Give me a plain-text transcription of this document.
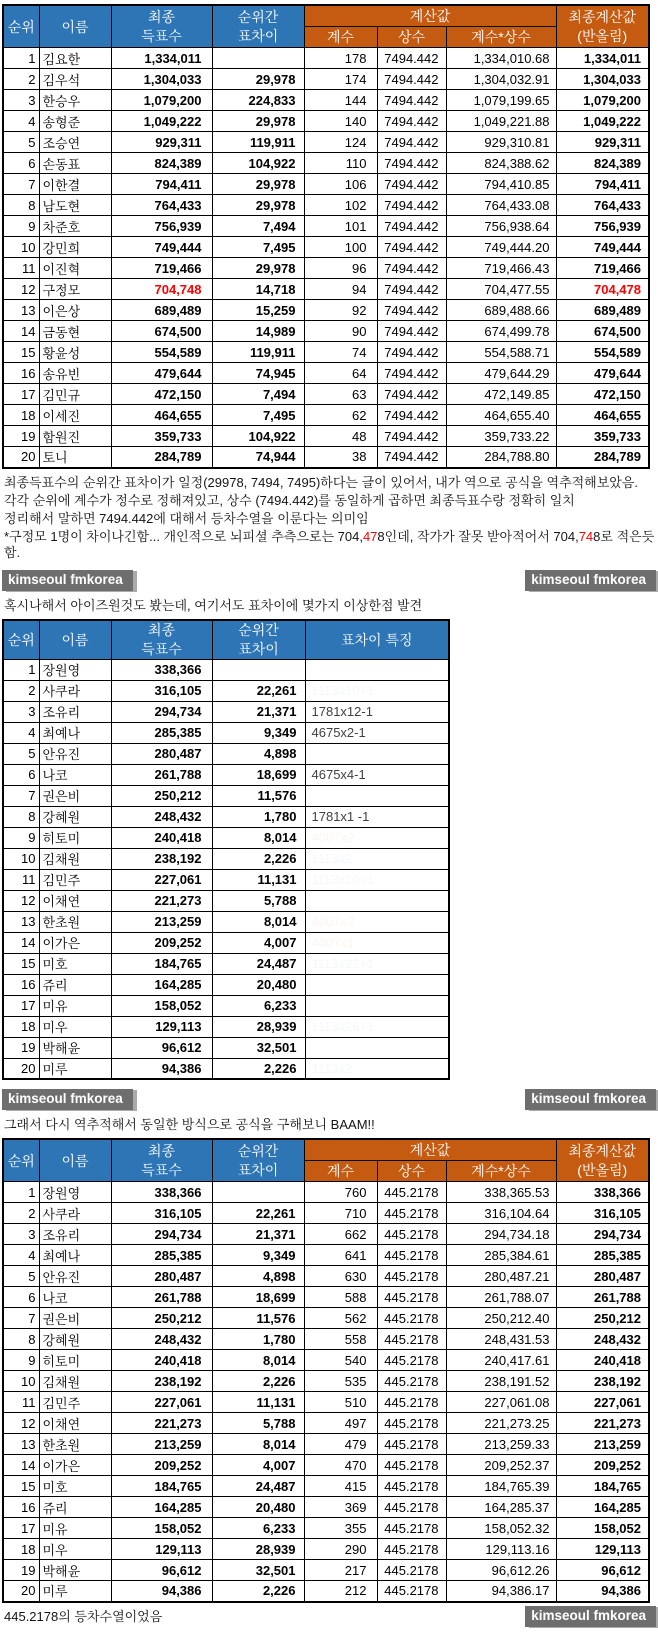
순위	이름	최종
득표수	순위간
표차이	계산값			최종계산값
(반올림)

				계수	상수	계수*상수	
1	김요한	1,334,011		178	7494.442	1,334,010.68	1,334,011
2	김우석	1,304,033	29,978	174	7494.442	1,304,032.91	1,304,033
3	한승우	1,079,200	224,833	144	7494.442	1,079,199.65	1,079,200
4	송형준	1,049,222	29,978	140	7494.442	1,049,221.88	1,049,222
5	조승연	929,311	119,911	124	7494.442	929,310.81	929,311
6	손동표	824,389	104,922	110	7494.442	824,388.62	824,389
7	이한결	794,411	29,978	106	7494.442	794,410.85	794,411
8	남도현	764,433	29,978	102	7494.442	764,433.08	764,433
9	차준호	756,939	7,494	101	7494.442	756,938.64	756,939
10	강민희	749,444	7,495	100	7494.442	749,444.20	749,444
11	이진혁	719,466	29,978	96	7494.442	719,466.43	719,466
12	구정모	704,748	14,718	94	7494.442	704,477.55	704,478
13	이은상	689,489	15,259	92	7494.442	689,488.66	689,489
14	금동현	674,500	14,989	90	7494.442	674,499.78	674,500
15	황윤성	554,589	119,911	74	7494.442	554,588.71	554,589
16	송유빈	479,644	74,945	64	7494.442	479,644.29	479,644
17	김민규	472,150	7,494	63	7494.442	472,149.85	472,150
18	이세진	464,655	7,495	62	7494.442	464,655.40	464,655
19	함원진	359,733	104,922	48	7494.442	359,733.22	359,733
20	토니	284,789	74,944	38	7494.442	284,788.80	284,789

최종득표수의 순위간 표차이가 일정(29978, 7494, 7495)하다는 글이 있어서, 내가 역으로 공식을 역추적해보았음.

각각 순위에 계수가 정수로 정해져있고, 상수 (7494.442)를 동일하게 곱하면 최종득표수랑 정확히 일치

정리해서 말하면 7494.442에 대해서 등차수열을 이룬다는 의미임

*구정모 1명이 차이나긴함... 개인적으로 뇌피셜 추측으로는 704,478인데, 작가가 잘못 받아적어서 704,748로 적은듯함.

kimseoul fmkorea	kimseoul fmkorea

혹시나해서 아이즈원것도 봤는데, 여기서도 표차이에 몇가지 이상한점 발견

순위	이름	최종
득표수	순위간
표차이	표차이 특징
1	장원영	338,366		
2	사쿠라	316,105	22,261	1113x10+1
3	조유리	294,734	21,371	1781x12-1
4	최예나	285,385	9,349	4675x2-1
5	안유진	280,487	4,898	
6	나코	261,788	18,699	4675x4-1
7	권은비	250,212	11,576	
8	강혜원	248,432	1,780	1781x1 -1
9	히토미	240,418	8,014	4007x2
10	김채원	238,192	2,226	1113x2
11	김민주	227,061	11,131	1113x10+1
12	이채연	221,273	5,788	
13	한초원	213,259	8,014	4007x2
14	이가은	209,252	4,007	4007x1
15	미호	184,765	24,487	1113x22+1
16	쥬리	164,285	20,480	
17	미유	158,052	6,233	
18	미우	129,113	28,939	1113x26+1
19	박해윤	96,612	32,501	
20	미루	94,386	2,226	1113x2
kimseoul fmkorea	kimseoul fmkorea

그래서 다시 역추적해서 동일한 방식으로 공식을 구해보니 BAAM!!

순위	이름	최종
득표수	순위간
표차이	계산값			최종계산값
(반올림)

				계수	상수	계수*상수	
1	장원영	338,366		760	445.2178	338,365.53	338,366
2	사쿠라	316,105	22,261	710	445.2178	316,104.64	316,105
3	조유리	294,734	21,371	662	445.2178	294,734.18	294,734
4	최예나	285,385	9,349	641	445.2178	285,384.61	285,385
5	안유진	280,487	4,898	630	445.2178	280,487.21	280,487
6	나코	261,788	18,699	588	445.2178	261,788.07	261,788
7	권은비	250,212	11,576	562	445.2178	250,212.40	250,212
8	강혜원	248,432	1,780	558	445.2178	248,431.53	248,432
9	히토미	240,418	8,014	540	445.2178	240,417.61	240,418
10	김채원	238,192	2,226	535	445.2178	238,191.52	238,192
11	김민주	227,061	11,131	510	445.2178	227,061.08	227,061
12	이채연	221,273	5,788	497	445.2178	221,273.25	221,273
13	한초원	213,259	8,014	479	445.2178	213,259.33	213,259
14	이가은	209,252	4,007	470	445.2178	209,252.37	209,252
15	미호	184,765	24,487	415	445.2178	184,765.39	184,765
16	쥬리	164,285	20,480	369	445.2178	164,285.37	164,285
17	미유	158,052	6,233	355	445.2178	158,052.32	158,052
18	미우	129,113	28,939	290	445.2178	129,113.16	129,113
19	박해윤	96,612	32,501	217	445.2178	96,612.26	96,612
20	미루	94,386	2,226	212	445.2178	94,386.17	94,386
445.2178의 등차수열이었음	kimseoul fmkorea
